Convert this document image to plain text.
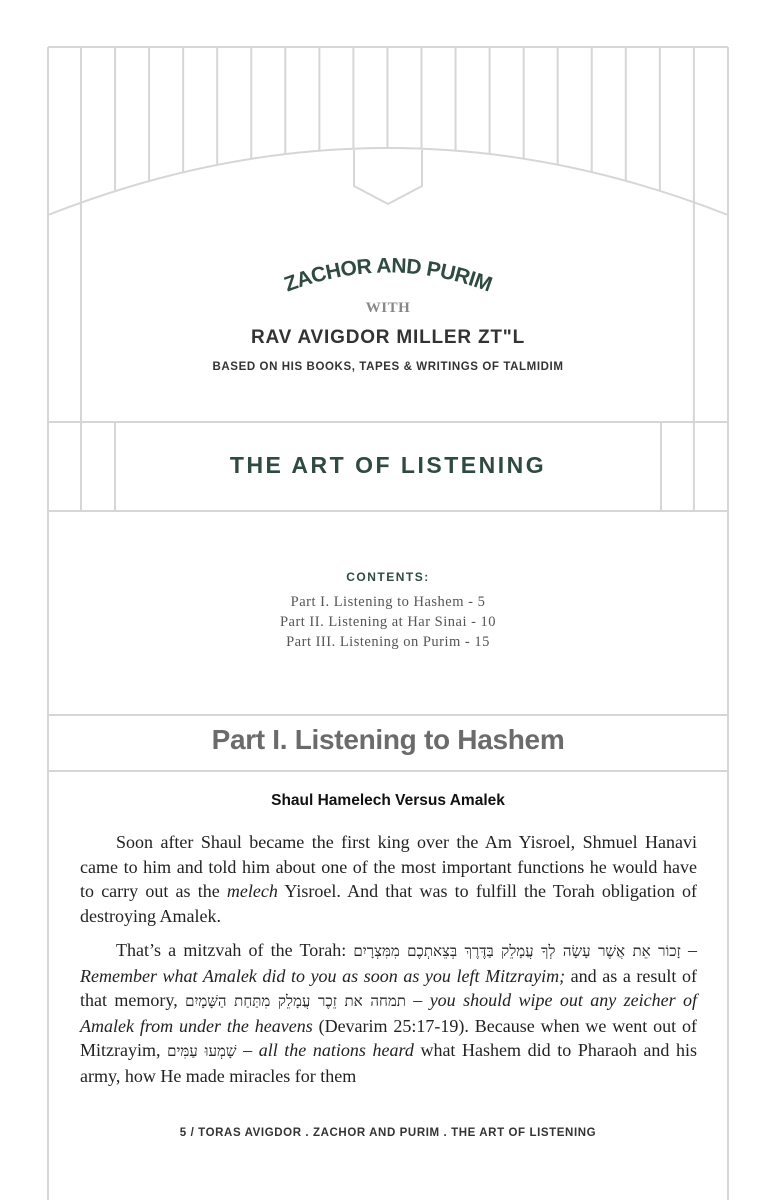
ZACHOR AND PURIM
WITH
RAV AVIGDOR MILLER ZT"L
BASED ON HIS BOOKS, TAPES & WRITINGS OF TALMIDIM
THE ART OF LISTENING
CONTENTS:
Part I. Listening to Hashem - 5
Part II. Listening at Har Sinai - 10
Part III. Listening on Purim - 15
Part I. Listening to Hashem
Shaul Hamelech Versus Amalek

Soon after Shaul became the first king over the Am Yisroel, Shmuel Hanavi came to him and told him about one of the most important functions he would have to carry out as the melech Yisroel. And that was to fulfill the Torah obligation of destroying Amalek.

That’s a mitzvah of the Torah: זָכוֹר אֵת אֲשֶׁר עָשָׂה לְךָ עֲמָלֵק בַּדֶּרֶךְ בְּצֵאתְכֶם מִמִּצְרָיִם – Remember what Amalek did to you as soon as you left Mitzrayim; and as a result of that memory, תמחה את זֵכֶר עֲמָלֵק מִתַּחַת הַשָּׁמָיִם – you should wipe out any zeicher of Amalek from under the heavens (Devarim 25:17-19). Because when we went out of Mitzrayim, שָׁמְעוּ עַמִּים – all the nations heard what Hashem did to Pharaoh and his army, how He made miracles for them

5 / TORAS AVIGDOR . ZACHOR AND PURIM . THE ART OF LISTENING
